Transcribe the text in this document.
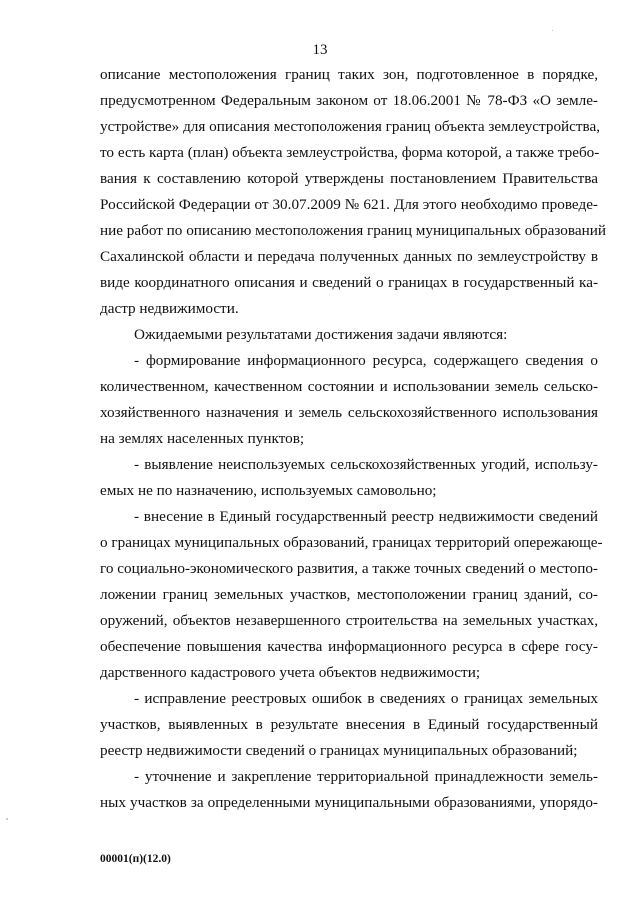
13
описание местоположения границ таких зон, подготовленное в порядке,
предусмотренном Федеральным законом от 18.06.2001 № 78-ФЗ «О земле-
устройстве» для описания местоположения границ объекта землеустройства,
то есть карта (план) объекта землеустройства, форма которой, а также требо-
вания к составлению которой утверждены постановлением Правительства
Российской Федерации от 30.07.2009 № 621. Для этого необходимо проведе-
ние работ по описанию местоположения границ муниципальных образований
Сахалинской области и передача полученных данных по землеустройству в
виде координатного описания и сведений о границах в государственный ка-
дастр недвижимости.
Ожидаемыми результатами достижения задачи являются:
- формирование информационного ресурса, содержащего сведения о
количественном, качественном состоянии и использовании земель сельско-
хозяйственного назначения и земель сельскохозяйственного использования
на землях населенных пунктов;
- выявление неиспользуемых сельскохозяйственных угодий, использу-
емых не по назначению, используемых самовольно;
- внесение в Единый государственный реестр недвижимости сведений
о границах муниципальных образований, границах территорий опережающе-
го социально-экономического развития, а также точных сведений о местопо-
ложении границ земельных участков, местоположении границ зданий, со-
оружений, объектов незавершенного строительства на земельных участках,
обеспечение повышения качества информационного ресурса в сфере госу-
дарственного кадастрового учета объектов недвижимости;
- исправление реестровых ошибок в сведениях о границах земельных
участков, выявленных в результате внесения в Единый государственный
реестр недвижимости сведений о границах муниципальных образований;
- уточнение и закрепление территориальной принадлежности земель-
ных участков за определенными муниципальными образованиями, упорядо-
00001(п)(12.0)
